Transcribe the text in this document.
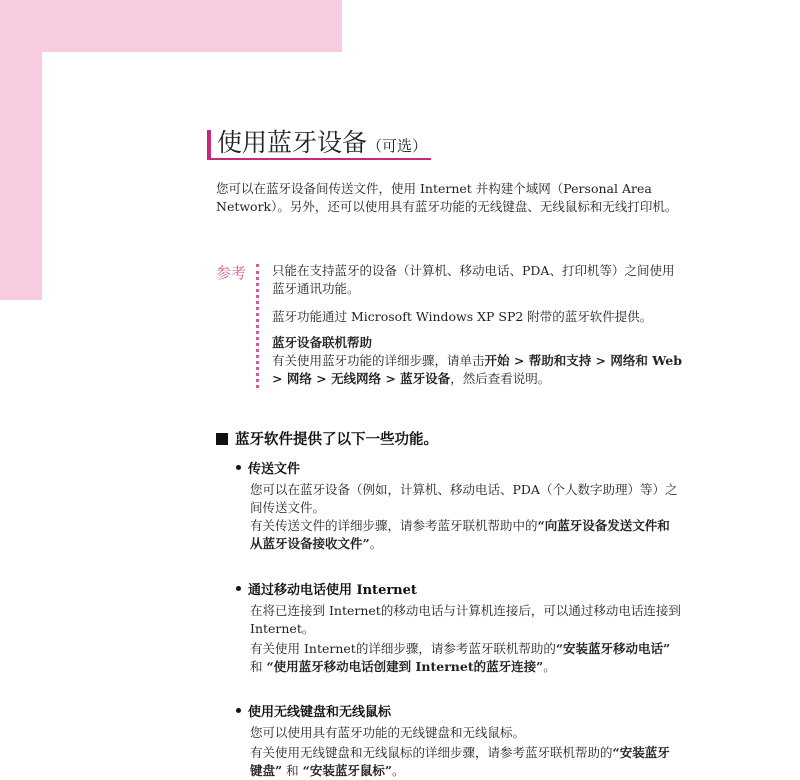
使用蓝牙设备（可选）

您可以在蓝牙设备间传送文件，使用 Internet 并构建个域网（Personal Area Network）。另外，还可以使用具有蓝牙功能的无线键盘、无线鼠标和无线打印机。

参考 只能在支持蓝牙的设备（计算机、移动电话、PDA、打印机等）之间使用蓝牙通讯功能。

蓝牙功能通过 Microsoft Windows XP SP2 附带的蓝牙软件提供。

蓝牙设备联机帮助

有关使用蓝牙功能的详细步骤，请单击开始 > 帮助和支持 > 网络和 Web > 网络 > 无线网络 > 蓝牙设备，然后查看说明。

蓝牙软件提供了以下一些功能。
传送文件

您可以在蓝牙设备（例如，计算机、移动电话、PDA（个人数字助理）等）之间传送文件。

有关传送文件的详细步骤，请参考蓝牙联机帮助中的“向蓝牙设备发送文件和从蓝牙设备接收文件”。

通过移动电话使用 Internet

在将已连接到 Internet的移动电话与计算机连接后，可以通过移动电话连接到 Internet。

有关使用 Internet的详细步骤，请参考蓝牙联机帮助的“安装蓝牙移动电话” 和 “使用蓝牙移动电话创建到 Internet的蓝牙连接”。

使用无线键盘和无线鼠标

您可以使用具有蓝牙功能的无线键盘和无线鼠标。

有关使用无线键盘和无线鼠标的详细步骤，请参考蓝牙联机帮助的“安装蓝牙键盘” 和 “安装蓝牙鼠标”。
